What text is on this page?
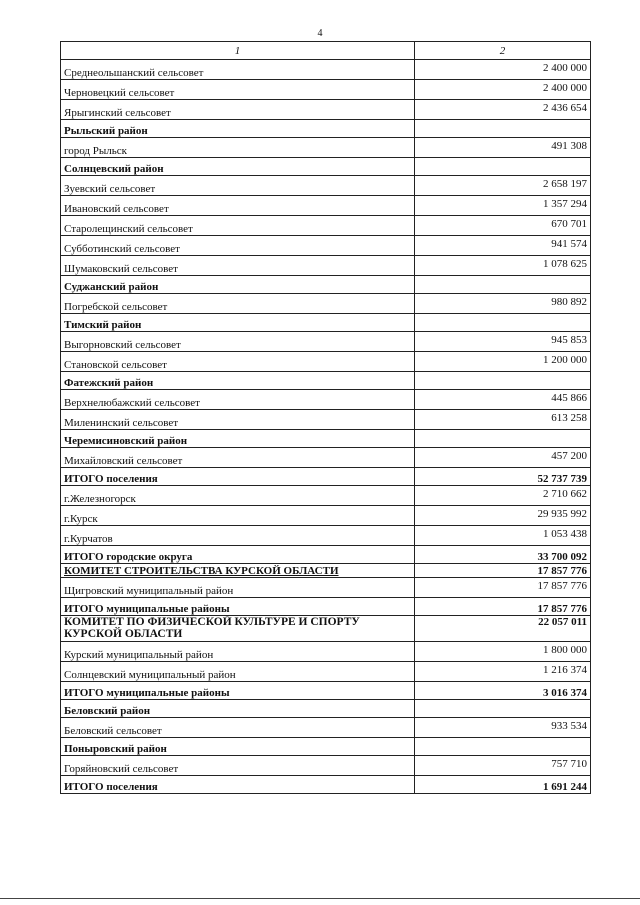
4
1	2
Среднеольшанский сельсовет	2 400 000
Черновецкий сельсовет	2 400 000
Ярыгинский сельсовет	2 436 654
Рыльский район	
город Рыльск	491 308
Солнцевский район	
Зуевский сельсовет	2 658 197
Ивановский сельсовет	1 357 294
Старолещинский сельсовет	670 701
Субботинский сельсовет	941 574
Шумаковский сельсовет	1 078 625
Суджанский район	
Погребской сельсовет	980 892
Тимский район	
Выгорновский сельсовет	945 853
Становской сельсовет	1 200 000
Фатежский район	
Верхнелюбажский сельсовет	445 866
Миленинский сельсовет	613 258
Черемисиновский район	
Михайловский сельсовет	457 200
ИТОГО поселения	52 737 739
г.Железногорск	2 710 662
г.Курск	29 935 992
г.Курчатов	1 053 438
ИТОГО городские округа	33 700 092
КОМИТЕТ СТРОИТЕЛЬСТВА КУРСКОЙ ОБЛАСТИ	17 857 776
Щигровский муниципальный район	17 857 776
ИТОГО муниципальные районы	17 857 776
КОМИТЕТ ПО ФИЗИЧЕСКОЙ КУЛЬТУРЕ И СПОРТУ КУРСКОЙ ОБЛАСТИ	22 057 011
Курский муниципальный район	1 800 000
Солнцевский муниципальный район	1 216 374
ИТОГО муниципальные районы	3 016 374
Беловский район	
Беловский сельсовет	933 534
Поныровский район	
Горяйновский сельсовет	757 710
ИТОГО поселения	1 691 244
